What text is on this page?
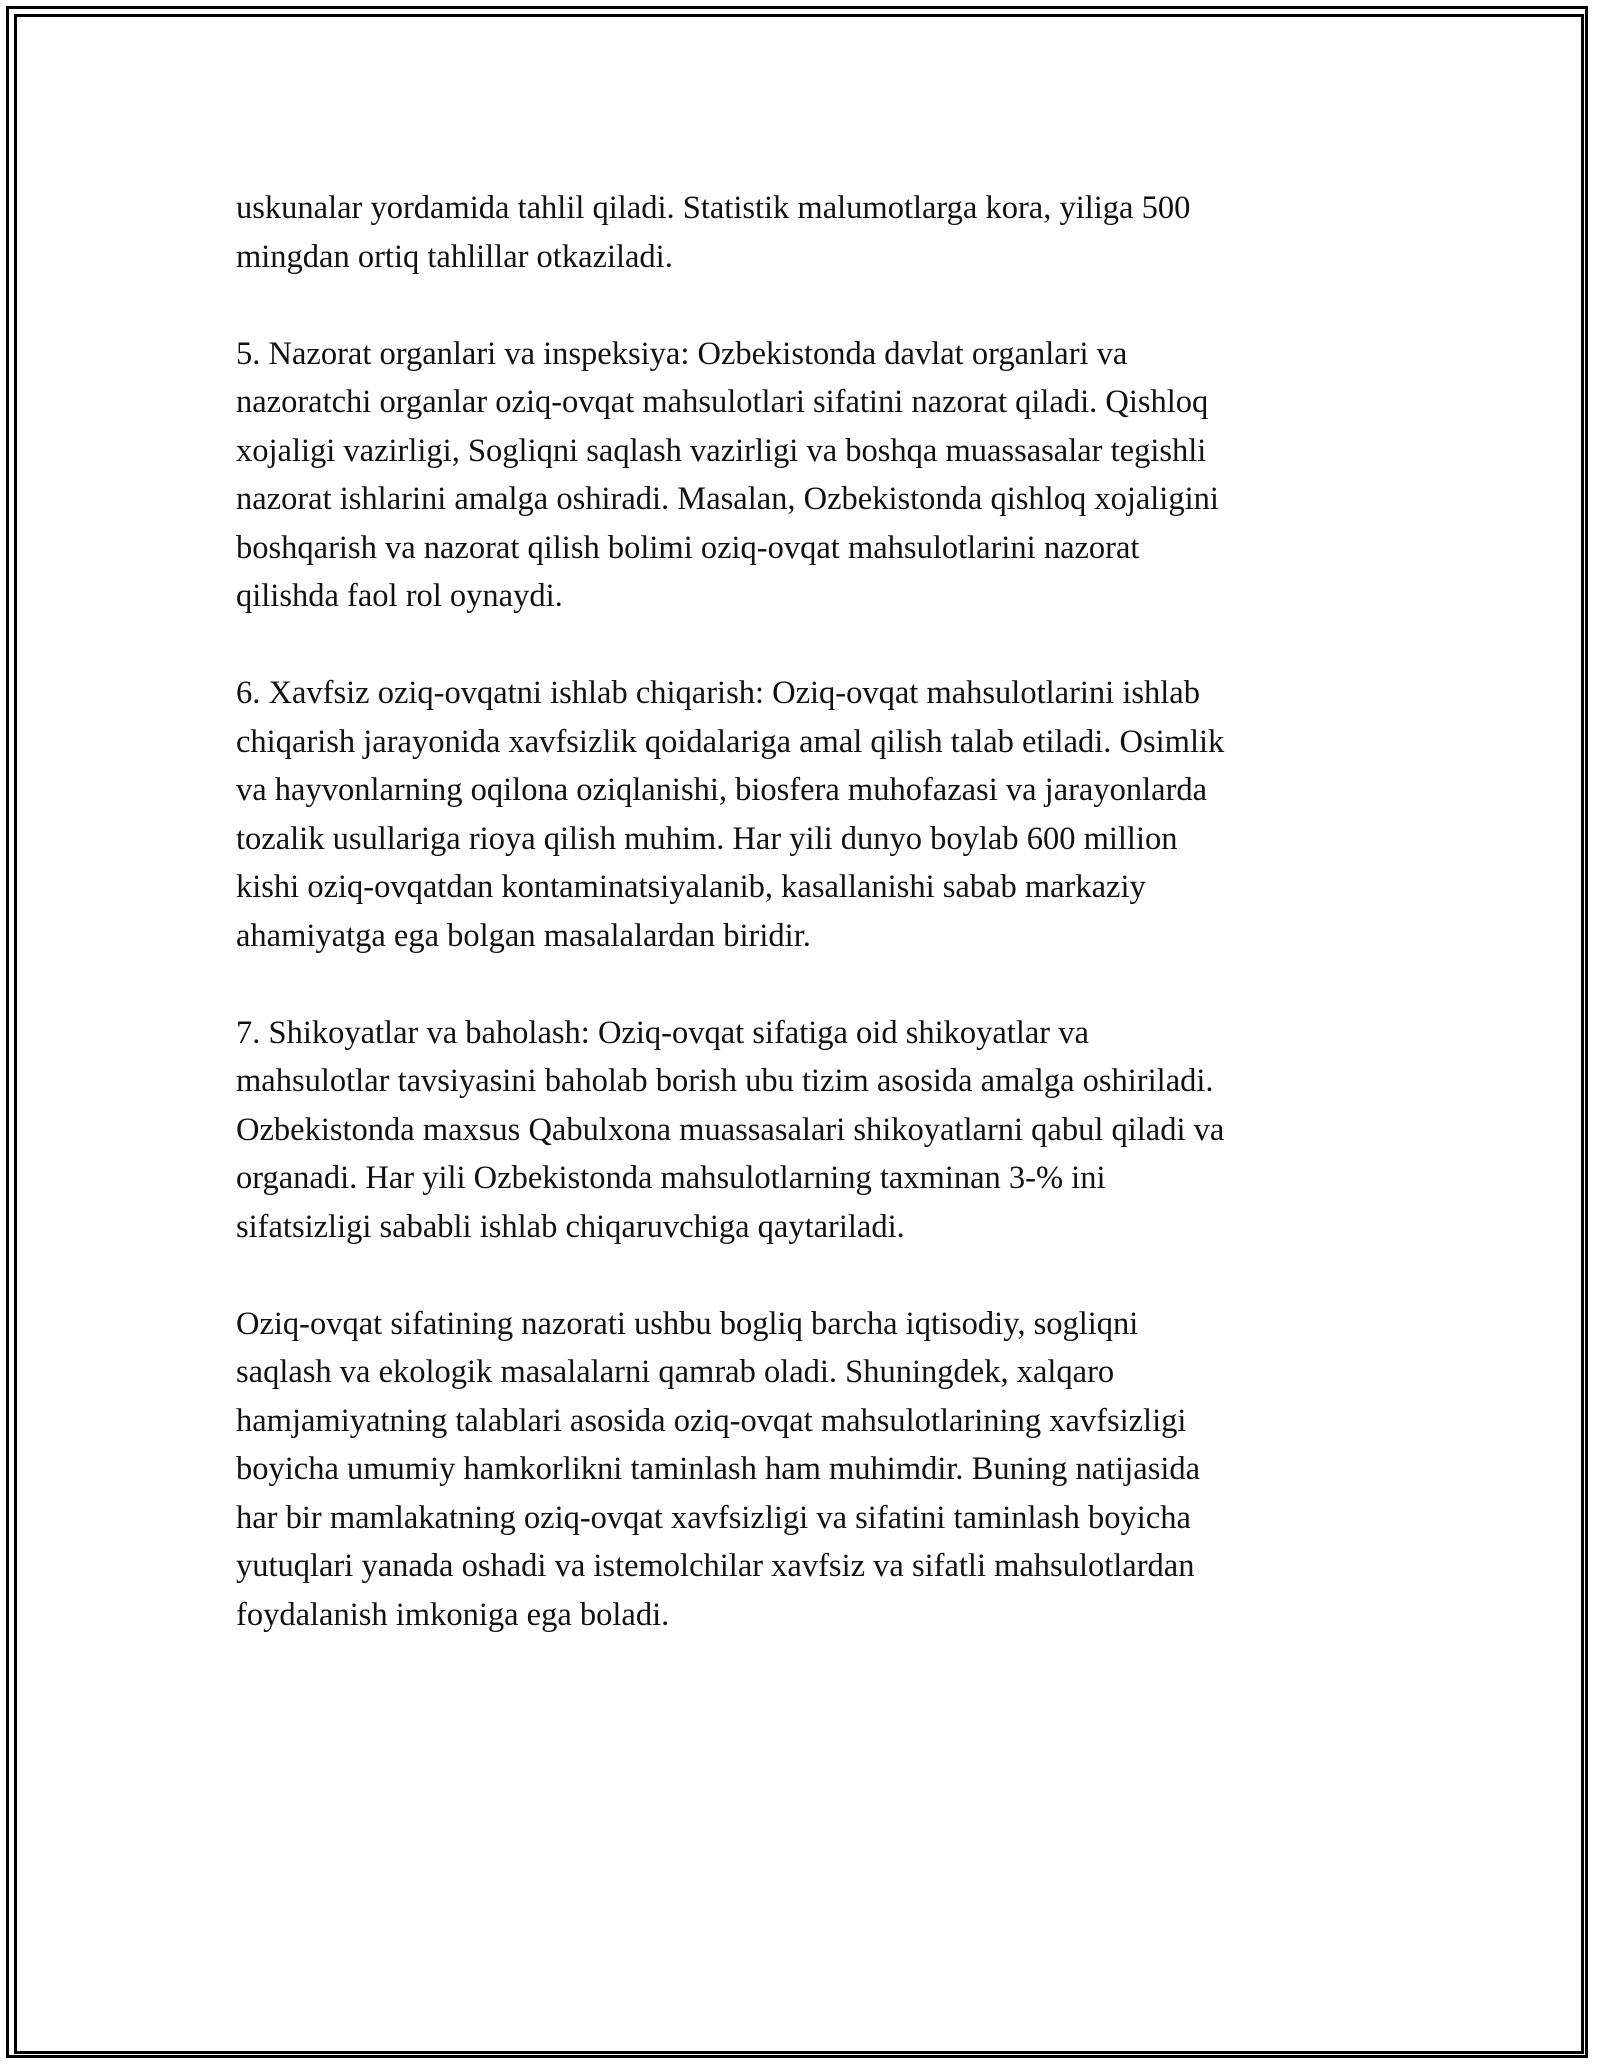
uskunalar yordamida tahlil qiladi. Statistik malumotlarga kora, yiliga 500
mingdan ortiq tahlillar otkaziladi.

5. Nazorat organlari va inspeksiya: Ozbekistonda davlat organlari va
nazoratchi organlar oziq-ovqat mahsulotlari sifatini nazorat qiladi. Qishloq
xojaligi vazirligi, Sogliqni saqlash vazirligi va boshqa muassasalar tegishli
nazorat ishlarini amalga oshiradi. Masalan, Ozbekistonda qishloq xojaligini
boshqarish va nazorat qilish bolimi oziq-ovqat mahsulotlarini nazorat
qilishda faol rol oynaydi.

6. Xavfsiz oziq-ovqatni ishlab chiqarish: Oziq-ovqat mahsulotlarini ishlab
chiqarish jarayonida xavfsizlik qoidalariga amal qilish talab etiladi. Osimlik
va hayvonlarning oqilona oziqlanishi, biosfera muhofazasi va jarayonlarda
tozalik usullariga rioya qilish muhim. Har yili dunyo boylab 600 million
kishi oziq-ovqatdan kontaminatsiyalanib, kasallanishi sabab markaziy
ahamiyatga ega bolgan masalalardan biridir.

7. Shikoyatlar va baholash: Oziq-ovqat sifatiga oid shikoyatlar va
mahsulotlar tavsiyasini baholab borish ubu tizim asosida amalga oshiriladi.
Ozbekistonda maxsus Qabulxona muassasalari shikoyatlarni qabul qiladi va
organadi. Har yili Ozbekistonda mahsulotlarning taxminan 3-% ini
sifatsizligi sababli ishlab chiqaruvchiga qaytariladi.

Oziq-ovqat sifatining nazorati ushbu bogliq barcha iqtisodiy, sogliqni
saqlash va ekologik masalalarni qamrab oladi. Shuningdek, xalqaro
hamjamiyatning talablari asosida oziq-ovqat mahsulotlarining xavfsizligi
boyicha umumiy hamkorlikni taminlash ham muhimdir. Buning natijasida
har bir mamlakatning oziq-ovqat xavfsizligi va sifatini taminlash boyicha
yutuqlari yanada oshadi va istemolchilar xavfsiz va sifatli mahsulotlardan
foydalanish imkoniga ega boladi.
